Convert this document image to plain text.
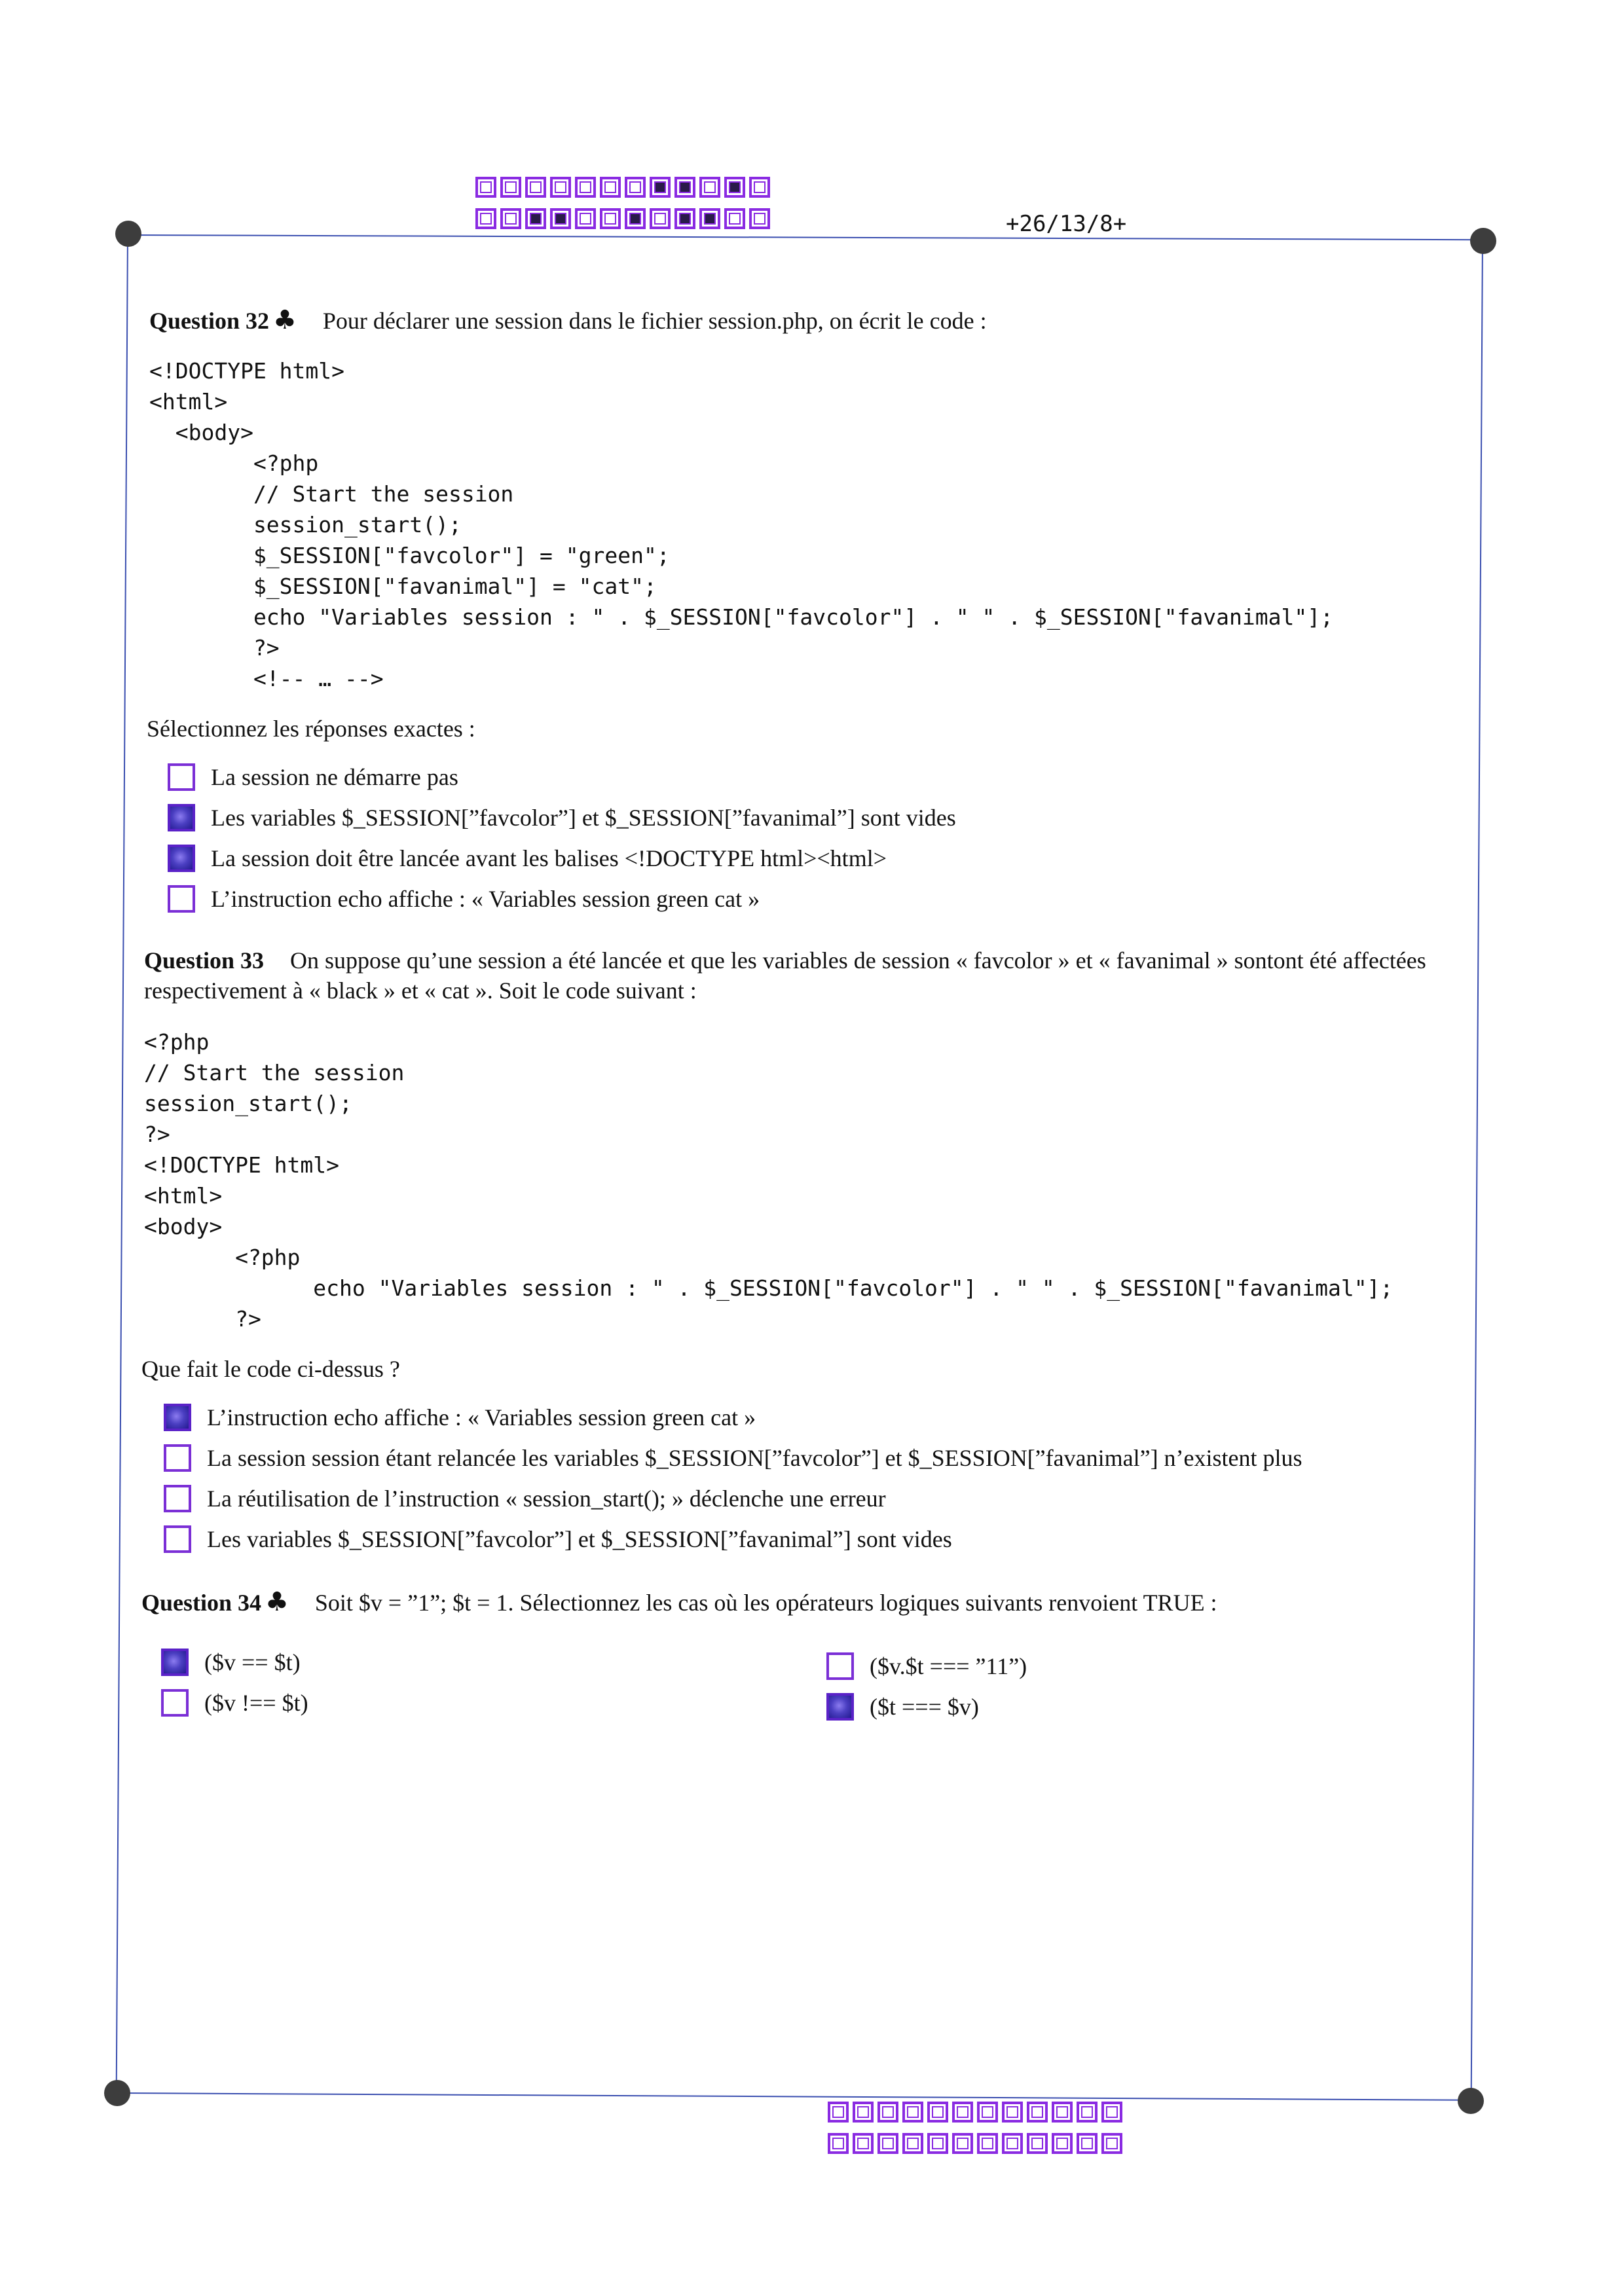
+26/13/8+
Question 32 ♣ Pour déclarer une session dans le fichier session.php, on écrit le code :
<!DOCTYPE html>
<html>
<body>
<?php
// Start the session
session_start();
$_SESSION["favcolor"] = "green";
$_SESSION["favanimal"] = "cat";
echo "Variables session : " . $_SESSION["favcolor"] . " " . $_SESSION["favanimal"];
?>
<!-- … -->
Sélectionnez les réponses exactes :
La session ne démarre pas
Les variables $_SESSION[”favcolor”] et $_SESSION[”favanimal”] sont vides
La session doit être lancée avant les balises <!DOCTYPE html><html>
L’instruction echo affiche : « Variables session green cat »
Question 33 On suppose qu’une session a été lancée et que les variables de session « favcolor » et « favanimal » sontont été affectées respectivement à « black » et « cat ». Soit le code suivant :
<?php
// Start the session
session_start();
?>
<!DOCTYPE html>
<html>
<body>
<?php
echo "Variables session : " . $_SESSION["favcolor"] . " " . $_SESSION["favanimal"];
?>
Que fait le code ci-dessus ?
L’instruction echo affiche : « Variables session green cat »
La session session étant relancée les variables $_SESSION[”favcolor”] et $_SESSION[”favanimal”] n’existent plus
La réutilisation de l’instruction « session_start(); » déclenche une erreur
Les variables $_SESSION[”favcolor”] et $_SESSION[”favanimal”] sont vides
Question 34 ♣ Soit $v = ”1”; $t = 1. Sélectionnez les cas où les opérateurs logiques suivants renvoient TRUE :
($v == $t)
($v !== $t)
($v.$t === ”11”)
($t === $v)
